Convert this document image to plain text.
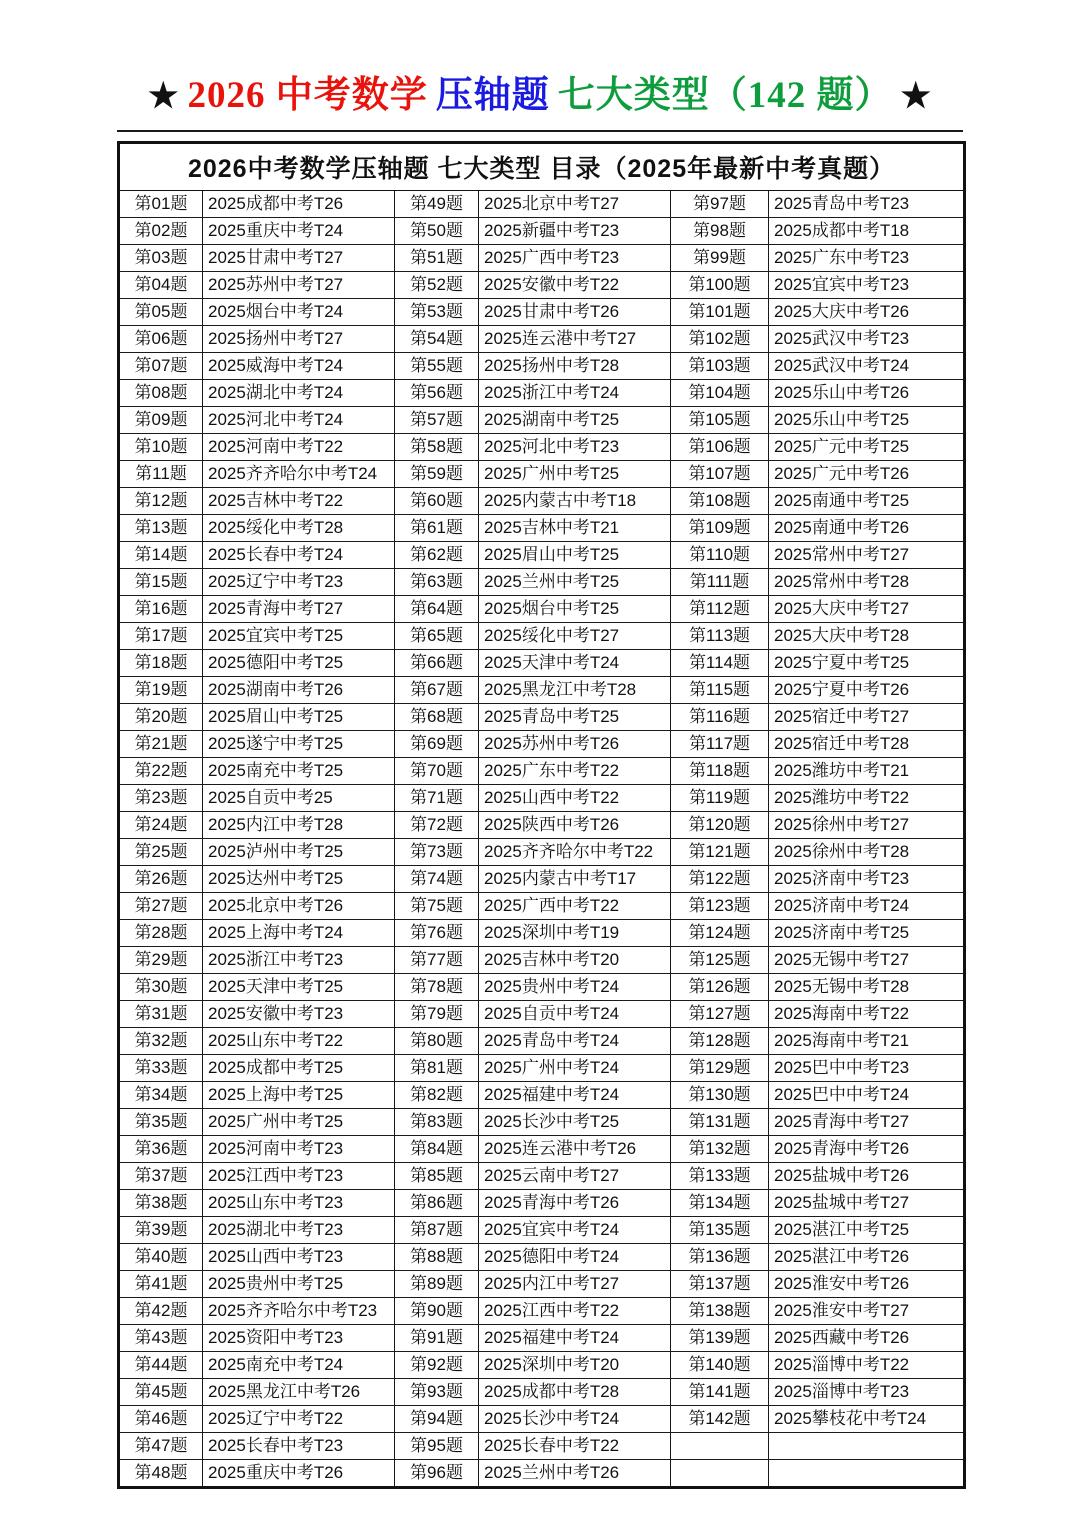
★ 2026 中考数学 压轴题 七大类型（142 题） ★
2026中考数学压轴题 七大类型 目录（2025年最新中考真题）					
第01题	2025成都中考T26	第49题	2025北京中考T27	第97题	2025青岛中考T23
第02题	2025重庆中考T24	第50题	2025新疆中考T23	第98题	2025成都中考T18
第03题	2025甘肃中考T27	第51题	2025广西中考T23	第99题	2025广东中考T23
第04题	2025苏州中考T27	第52题	2025安徽中考T22	第100题	2025宜宾中考T23
第05题	2025烟台中考T24	第53题	2025甘肃中考T26	第101题	2025大庆中考T26
第06题	2025扬州中考T27	第54题	2025连云港中考T27	第102题	2025武汉中考T23
第07题	2025威海中考T24	第55题	2025扬州中考T28	第103题	2025武汉中考T24
第08题	2025湖北中考T24	第56题	2025浙江中考T24	第104题	2025乐山中考T26
第09题	2025河北中考T24	第57题	2025湖南中考T25	第105题	2025乐山中考T25
第10题	2025河南中考T22	第58题	2025河北中考T23	第106题	2025广元中考T25
第11题	2025齐齐哈尔中考T24	第59题	2025广州中考T25	第107题	2025广元中考T26
第12题	2025吉林中考T22	第60题	2025内蒙古中考T18	第108题	2025南通中考T25
第13题	2025绥化中考T28	第61题	2025吉林中考T21	第109题	2025南通中考T26
第14题	2025长春中考T24	第62题	2025眉山中考T25	第110题	2025常州中考T27
第15题	2025辽宁中考T23	第63题	2025兰州中考T25	第111题	2025常州中考T28
第16题	2025青海中考T27	第64题	2025烟台中考T25	第112题	2025大庆中考T27
第17题	2025宜宾中考T25	第65题	2025绥化中考T27	第113题	2025大庆中考T28
第18题	2025德阳中考T25	第66题	2025天津中考T24	第114题	2025宁夏中考T25
第19题	2025湖南中考T26	第67题	2025黑龙江中考T28	第115题	2025宁夏中考T26
第20题	2025眉山中考T25	第68题	2025青岛中考T25	第116题	2025宿迁中考T27
第21题	2025遂宁中考T25	第69题	2025苏州中考T26	第117题	2025宿迁中考T28
第22题	2025南充中考T25	第70题	2025广东中考T22	第118题	2025潍坊中考T21
第23题	2025自贡中考25	第71题	2025山西中考T22	第119题	2025潍坊中考T22
第24题	2025内江中考T28	第72题	2025陕西中考T26	第120题	2025徐州中考T27
第25题	2025泸州中考T25	第73题	2025齐齐哈尔中考T22	第121题	2025徐州中考T28
第26题	2025达州中考T25	第74题	2025内蒙古中考T17	第122题	2025济南中考T23
第27题	2025北京中考T26	第75题	2025广西中考T22	第123题	2025济南中考T24
第28题	2025上海中考T24	第76题	2025深圳中考T19	第124题	2025济南中考T25
第29题	2025浙江中考T23	第77题	2025吉林中考T20	第125题	2025无锡中考T27
第30题	2025天津中考T25	第78题	2025贵州中考T24	第126题	2025无锡中考T28
第31题	2025安徽中考T23	第79题	2025自贡中考T24	第127题	2025海南中考T22
第32题	2025山东中考T22	第80题	2025青岛中考T24	第128题	2025海南中考T21
第33题	2025成都中考T25	第81题	2025广州中考T24	第129题	2025巴中中考T23
第34题	2025上海中考T25	第82题	2025福建中考T24	第130题	2025巴中中考T24
第35题	2025广州中考T25	第83题	2025长沙中考T25	第131题	2025青海中考T27
第36题	2025河南中考T23	第84题	2025连云港中考T26	第132题	2025青海中考T26
第37题	2025江西中考T23	第85题	2025云南中考T27	第133题	2025盐城中考T26
第38题	2025山东中考T23	第86题	2025青海中考T26	第134题	2025盐城中考T27
第39题	2025湖北中考T23	第87题	2025宜宾中考T24	第135题	2025湛江中考T25
第40题	2025山西中考T23	第88题	2025德阳中考T24	第136题	2025湛江中考T26
第41题	2025贵州中考T25	第89题	2025内江中考T27	第137题	2025淮安中考T26
第42题	2025齐齐哈尔中考T23	第90题	2025江西中考T22	第138题	2025淮安中考T27
第43题	2025资阳中考T23	第91题	2025福建中考T24	第139题	2025西藏中考T26
第44题	2025南充中考T24	第92题	2025深圳中考T20	第140题	2025淄博中考T22
第45题	2025黑龙江中考T26	第93题	2025成都中考T28	第141题	2025淄博中考T23
第46题	2025辽宁中考T22	第94题	2025长沙中考T24	第142题	2025攀枝花中考T24
第47题	2025长春中考T23	第95题	2025长春中考T22		
第48题	2025重庆中考T26	第96题	2025兰州中考T26		
